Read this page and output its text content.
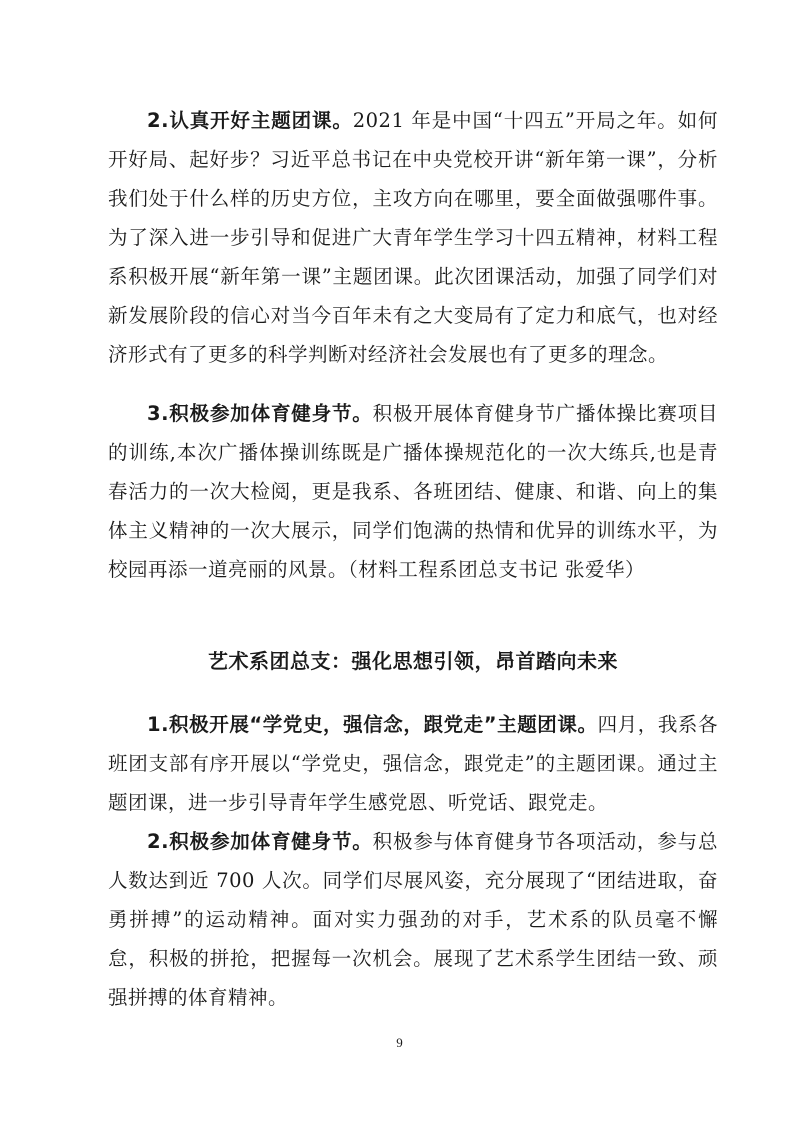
2.认真开好主题团课。2021 年是中国“十四五”开局之年。如何开好局、起好步？习近平总书记在中央党校开讲“新年第一课”，分析我们处于什么样的历史方位，主攻方向在哪里，要全面做强哪件事。为了深入进一步引导和促进广大青年学生学习十四五精神，材料工程系积极开展“新年第一课”主题团课。此次团课活动，加强了同学们对新发展阶段的信心对当今百年未有之大变局有了定力和底气，也对经济形式有了更多的科学判断对经济社会发展也有了更多的理念。

3.积极参加体育健身节。积极开展体育健身节广播体操比赛项目的训练,本次广播体操训练既是广播体操规范化的一次大练兵,也是青春活力的一次大检阅，更是我系、各班团结、健康、和谐、向上的集体主义精神的一次大展示，同学们饱满的热情和优异的训练水平，为校园再添一道亮丽的风景。（材料工程系团总支书记 张爱华）

艺术系团总支：强化思想引领，昂首踏向未来

1.积极开展“学党史，强信念，跟党走”主题团课。四月，我系各班团支部有序开展以“学党史，强信念，跟党走”的主题团课。通过主题团课，进一步引导青年学生感党恩、听党话、跟党走。

2.积极参加体育健身节。积极参与体育健身节各项活动，参与总人数达到近 700 人次。同学们尽展风姿，充分展现了“团结进取，奋勇拼搏”的运动精神。面对实力强劲的对手，艺术系的队员毫不懈怠，积极的拼抢，把握每一次机会。展现了艺术系学生团结一致、顽强拼搏的体育精神。

9
